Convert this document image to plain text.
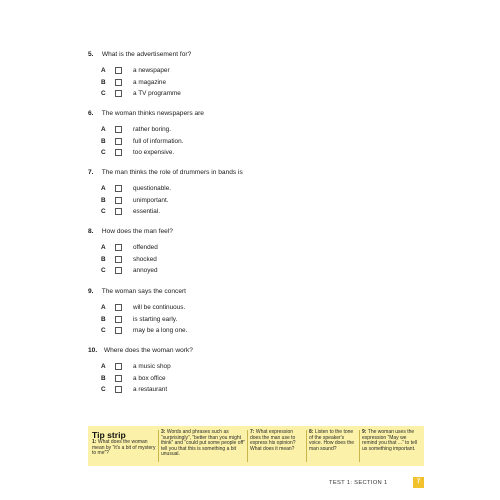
5. What is the advertisement for?
A	a newspaper
B	a magazine
C	a TV programme
6. The woman thinks newspapers are
A	rather boring.
B	full of information.
C	too expensive.
7. The man thinks the role of drummers in bands is
A	questionable.
B	unimportant.
C	essential.
8. How does the man feel?
A	offended
B	shocked
C	annoyed
9. The woman says the concert
A	will be continuous.
B	is starting early.
C	may be a long one.
10. Where does the woman work?
A	a music shop
B	a box office
C	a restaurant
Tip strip
1: What does the woman mean by “it's a bit of mystery to me”?
3: Words and phrases such as “surprisingly”, “better than you might think” and “could put some people off” tell you that this is something a bit unusual.
7: What expression does the man use to express his opinion? What does it mean?
8: Listen to the tone of the speaker's voice. How does the man sound?
9: The woman uses the expression “May we remind you that ...” to tell us something important.
TEST 1: SECTION 1	7
